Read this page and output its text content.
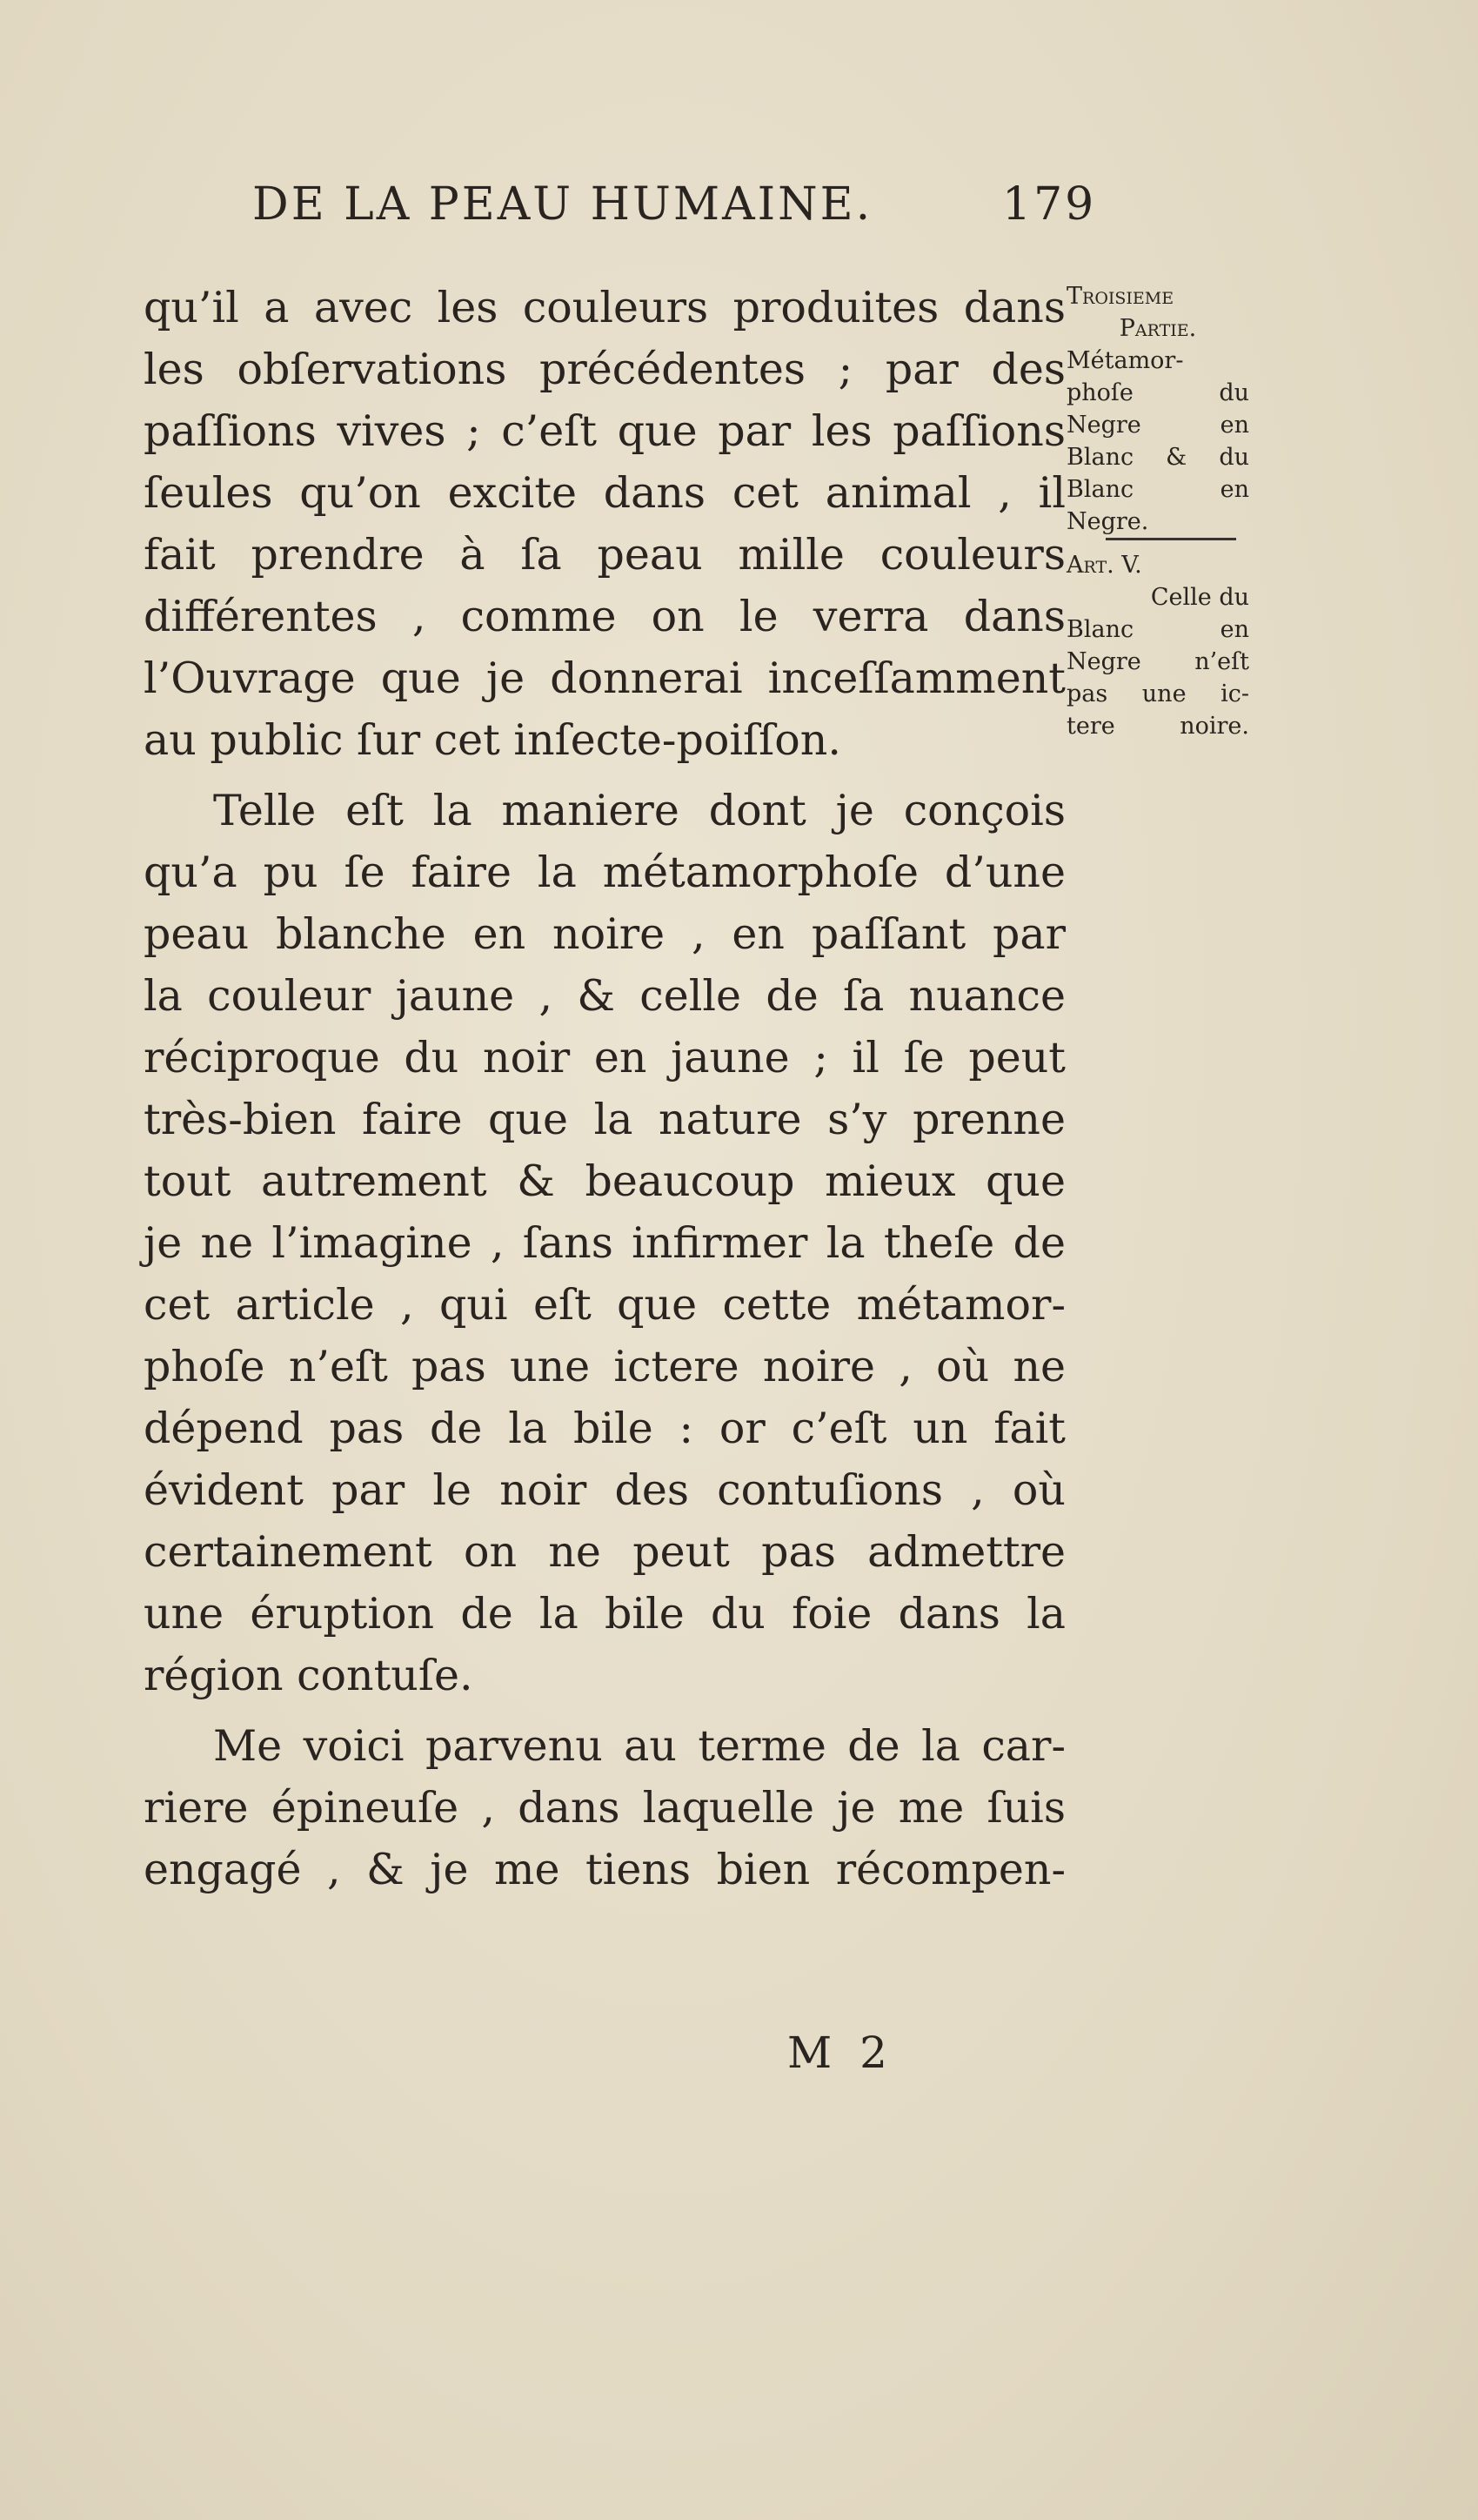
DE LA PEAU HUMAINE.	179
qu’il a avec les couleurs produites dans
les obſervations précédentes ; par des
paſſions vives ; c’eſt que par les paſſions
ſeules qu’on excite dans cet animal , il
fait prendre à ſa peau mille couleurs
différentes , comme on le verra dans
l’Ouvrage que je donnerai inceſſamment
au public ſur cet inſecte-poiſſon.
Telle eſt la maniere dont je conçois
qu’a pu ſe faire la métamorphoſe d’une
peau blanche en noire , en paſſant par
la couleur jaune , & celle de ſa nuance
réciproque du noir en jaune ; il ſe peut
très-bien faire que la nature s’y prenne
tout autrement & beaucoup mieux que
je ne l’imagine , ſans infirmer la theſe de
cet article , qui eſt que cette métamor-
phoſe n’eſt pas une ictere noire , où ne
dépend pas de la bile : or c’eſt un fait
évident par le noir des contuſions , où
certainement on ne peut pas admettre
une éruption de la bile du foie dans la
région contuſe.
Me voici parvenu au terme de la car-
riere épineuſe , dans laquelle je me ſuis
engagé , & je me tiens bien récompen-
Troisieme
Partie.
Métamor-
phoſe du
Negre en
Blanc & du
Blanc en
Negre.
Art. V.
Celle du
Blanc en
Negre n’eſt
pas une ic-
tere noire.
M 2
